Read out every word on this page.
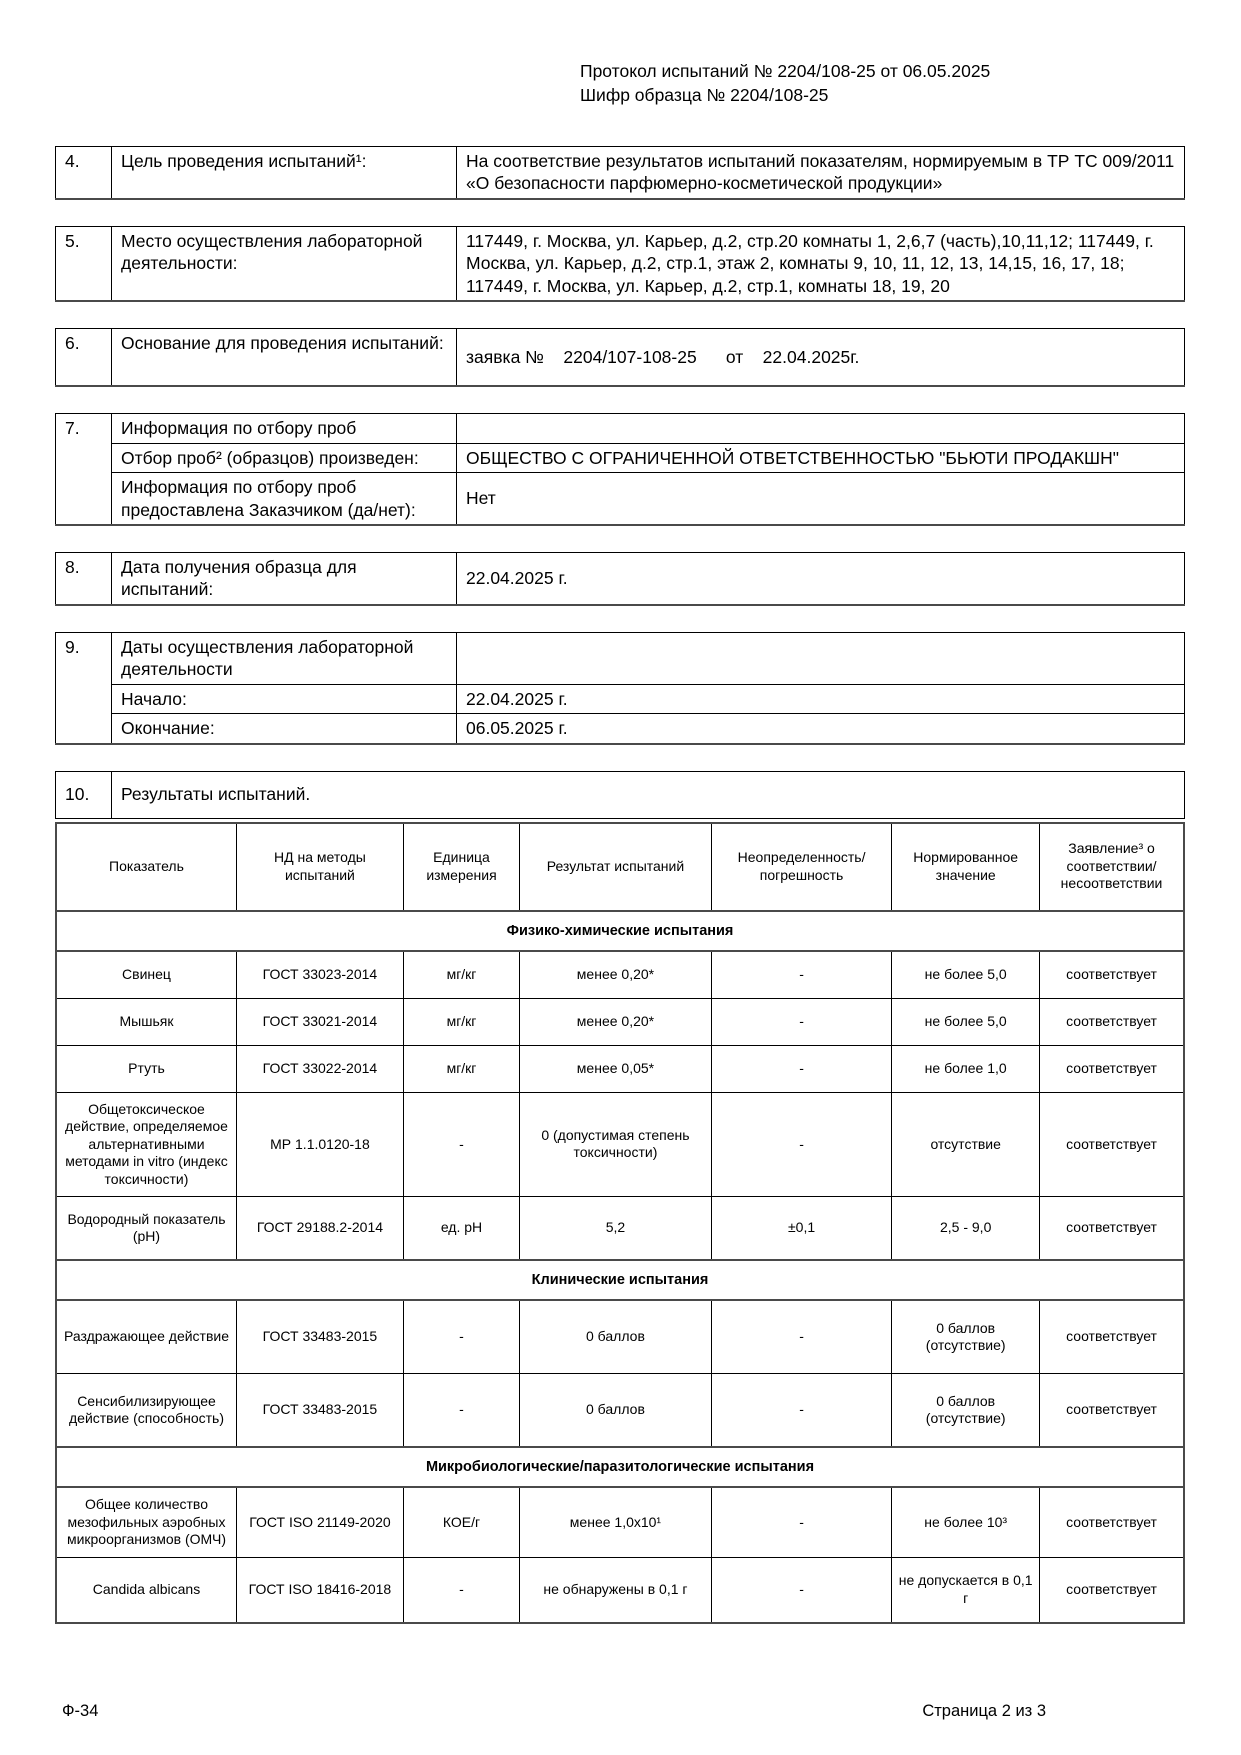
Протокол испытаний № 2204/108-25 от 06.05.2025
Шифр образца № 2204/108-25
4.	Цель проведения испытаний¹:	На соответствие результатов испытаний показателям, нормируемым в ТР ТС 009/2011 «О безопасности парфюмерно-косметической продукции»
5.	Место осуществления лабораторной деятельности:	117449, г. Москва, ул. Карьер, д.2, стр.20 комнаты 1, 2,6,7 (часть),10,11,12; 117449, г. Москва, ул. Карьер, д.2, стр.1, этаж 2, комнаты 9, 10, 11, 12, 13, 14,15, 16, 17, 18; 117449, г. Москва, ул. Карьер, д.2, стр.1, комнаты 18, 19, 20
6.	Основание для проведения испытаний:	заявка №    2204/107-108-25      от    22.04.2025г.
7.	Информация по отбору проб	
	Отбор проб² (образцов) произведен:	ОБЩЕСТВО С ОГРАНИЧЕННОЙ ОТВЕТСТВЕННОСТЬЮ "БЬЮТИ ПРОДАКШН"
	Информация по отбору проб предоставлена Заказчиком (да/нет):	Нет
8.	Дата получения образца для испытаний:	22.04.2025 г.
9.	Даты осуществления лабораторной деятельности	
	Начало:	22.04.2025 г.
	Окончание:	06.05.2025 г.
10.	Результаты испытаний.
Показатель	НД на методы испытаний	Единица измерения	Результат испытаний	Неопределенность/ погрешность	Нормированное значение	Заявление³ о соответствии/ несоответствии
Физико-химические испытания						
Свинец	ГОСТ 33023-2014	мг/кг	менее 0,20*	-	не более 5,0	соответствует
Мышьяк	ГОСТ 33021-2014	мг/кг	менее 0,20*	-	не более 5,0	соответствует
Ртуть	ГОСТ 33022-2014	мг/кг	менее 0,05*	-	не более 1,0	соответствует
Общетоксическое действие, определяемое альтернативными методами in vitro (индекс токсичности)	МР 1.1.0120-18	-	0 (допустимая степень токсичности)	-	отсутствие	соответствует
Водородный показатель (рН)	ГОСТ 29188.2-2014	ед. рН	5,2	±0,1	2,5 - 9,0	соответствует
Клинические испытания						
Раздражающее действие	ГОСТ 33483-2015	-	0 баллов	-	0 баллов (отсутствие)	соответствует
Сенсибилизирующее действие (способность)	ГОСТ 33483-2015	-	0 баллов	-	0 баллов (отсутствие)	соответствует
Микробиологические/паразитологические испытания						
Общее количество мезофильных аэробных микроорганизмов (ОМЧ)	ГОСТ ISO 21149-2020	КОЕ/г	менее 1,0x10¹	-	не более 10³	соответствует
Candida albicans	ГОСТ ISO 18416-2018	-	не обнаружены в 0,1 г	-	не допускается в 0,1 г	соответствует
Ф-34	Страница 2 из 3
